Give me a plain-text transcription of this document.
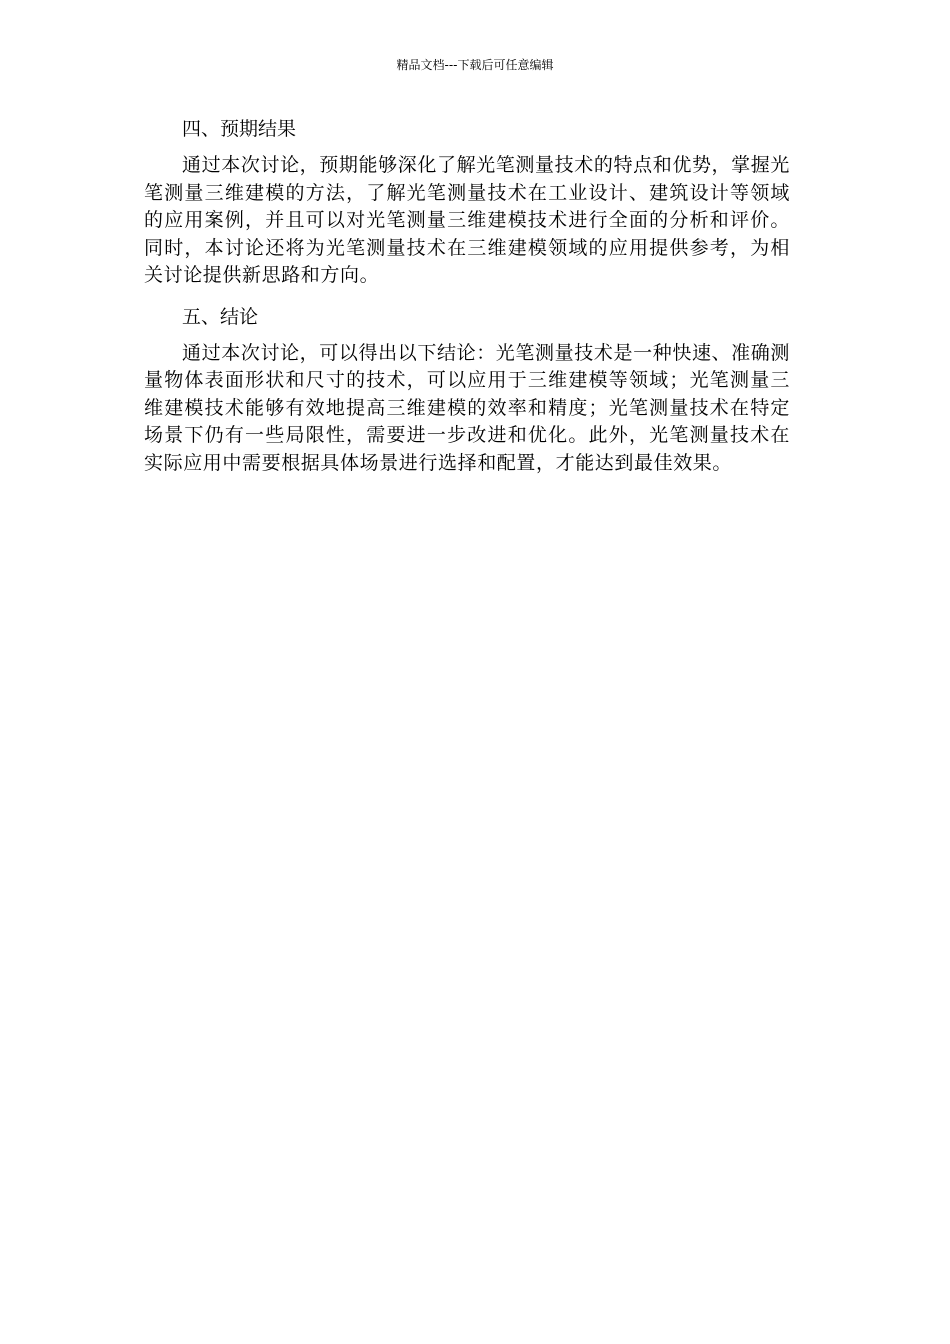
精品文档---下载后可任意编辑
四、预期结果

通过本次讨论，预期能够深化了解光笔测量技术的特点和优势，掌握光笔测量三维建模的方法，了解光笔测量技术在工业设计、建筑设计等领域的应用案例，并且可以对光笔测量三维建模技术进行全面的分析和评价。同时，本讨论还将为光笔测量技术在三维建模领域的应用提供参考，为相关讨论提供新思路和方向。

五、结论

通过本次讨论，可以得出以下结论：光笔测量技术是一种快速、准确测量物体表面形状和尺寸的技术，可以应用于三维建模等领域；光笔测量三维建模技术能够有效地提高三维建模的效率和精度；光笔测量技术在特定场景下仍有一些局限性，需要进一步改进和优化。此外，光笔测量技术在实际应用中需要根据具体场景进行选择和配置，才能达到最佳效果。
